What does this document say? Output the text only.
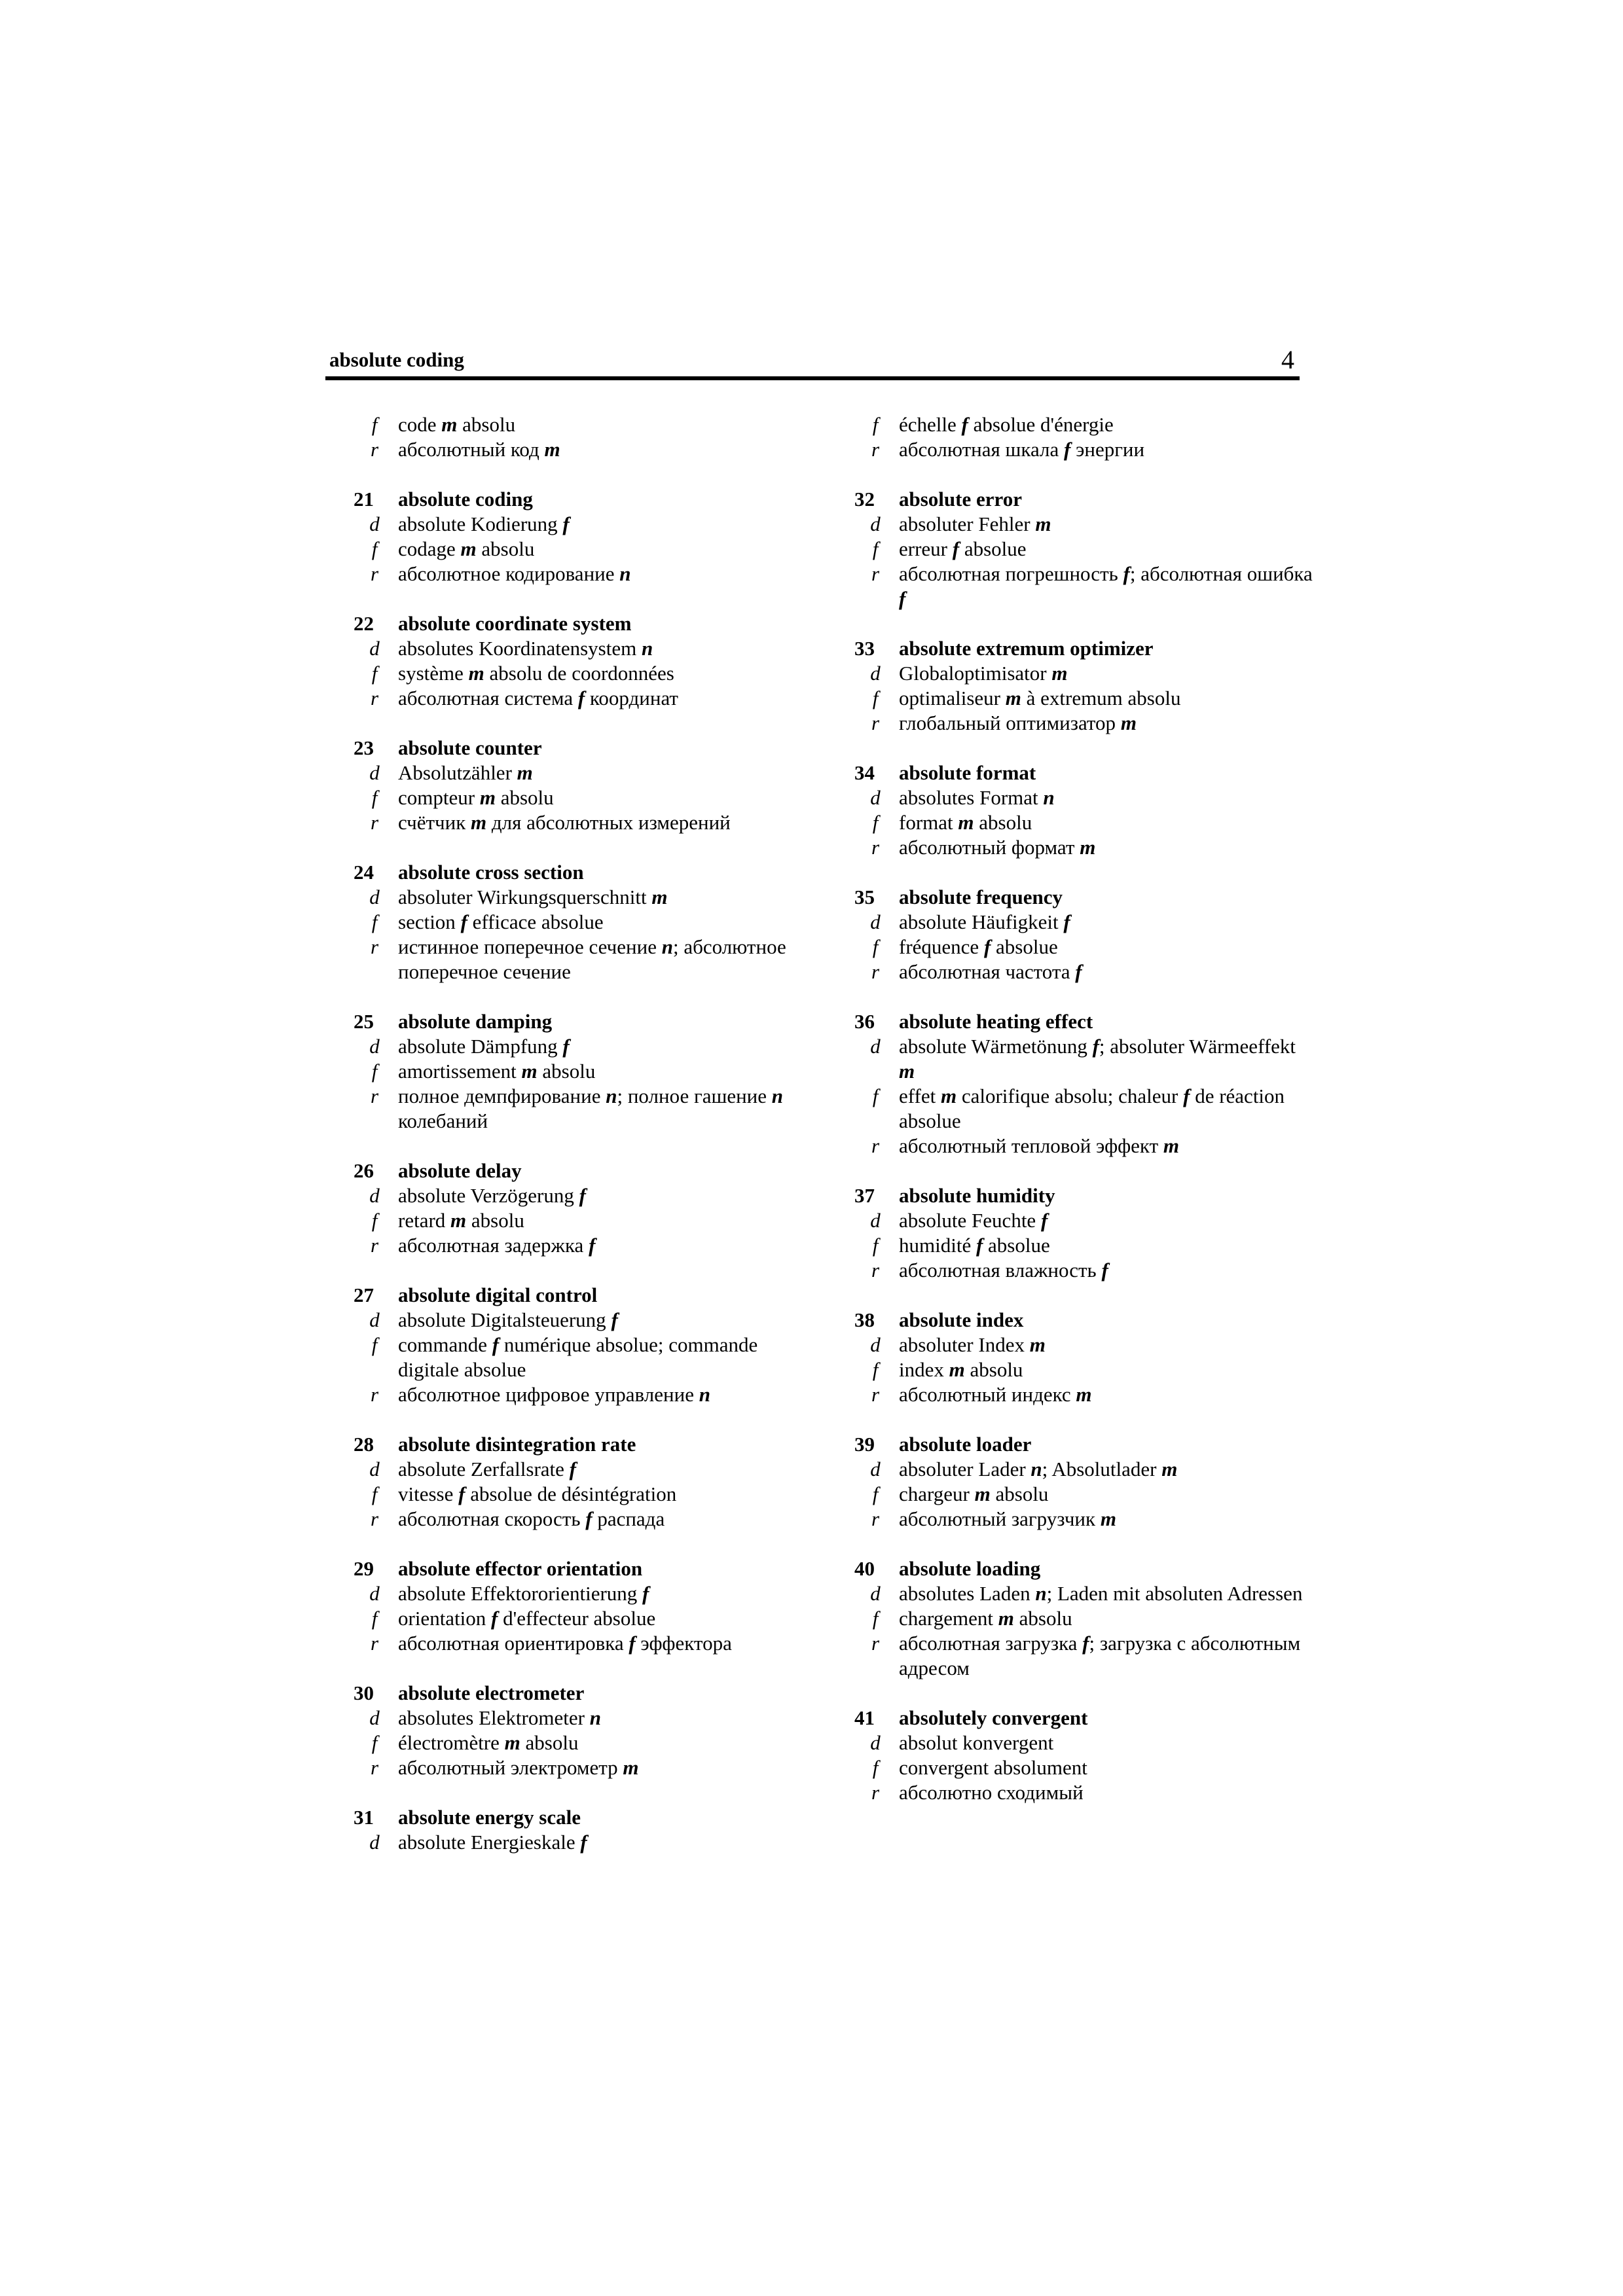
absolute coding	4
f	code m absolu
r абсолютный код m
21	absolute coding
d absolute Kodierung f
f	codage m absolu
r абсолютное кодирование n
22	absolute coordinate system
d absolutes Koordinatensystem n
f	système m absolu de coordonnées
r абсолютная система f координат
23	absolute counter
d Absolutzähler m
f	compteur m absolu
r счётчик m для абсолютных измерений
24	absolute cross section
d absoluter Wirkungsquerschnitt m
f	section f efficace absolue
r истинное поперечное сечение n; абсолютное поперечное сечение
25	absolute damping
d absolute Dämpfung f
f	amortissement m absolu
r полное демпфирование n; полное гашение n колебаний
26	absolute delay
d absolute Verzögerung f
f	retard m absolu
r абсолютная задержка f
27	absolute digital control
d absolute Digitalsteuerung f
f	commande f numérique absolue; commande digitale absolue
r абсолютное цифровое управление n
28	absolute disintegration rate
d absolute Zerfallsrate f
f	vitesse f absolue de désintégration
r абсолютная скорость f распада
29	absolute effector orientation
d absolute Effektororientierung f
f	orientation f d'effecteur absolue
r абсолютная ориентировка f эффектора
30	absolute electrometer
d absolutes Elektrometer n
f	électromètre m absolu
r абсолютный электрометр m
31	absolute energy scale
d absolute Energieskale f
f	échelle f absolue d'énergie
r абсолютная шкала f энергии
32	absolute error
d absoluter Fehler m
f	erreur f absolue
r абсолютная погрешность f; абсолютная ошибка f
33	absolute extremum optimizer
d Globaloptimisator m
f	optimaliseur m à extremum absolu
r глобальный оптимизатор m
34	absolute format
d absolutes Format n
f	format m absolu
r абсолютный формат m
35	absolute frequency
d absolute Häufigkeit f
f	fréquence f absolue
r абсолютная частота f
36	absolute heating effect
d absolute Wärmetönung f; absoluter Wärmeeffekt m
f	effet m calorifique absolu; chaleur f de réaction absolue
r абсолютный тепловой эффект m
37	absolute humidity
d absolute Feuchte f
f	humidité f absolue
r абсолютная влажность f
38	absolute index
d absoluter Index m
f	index m absolu
r абсолютный индекс m
39	absolute loader
d absoluter Lader n; Absolutlader m
f	chargeur m absolu
r абсолютный загрузчик m
40	absolute loading
d absolutes Laden n; Laden mit absoluten Adressen
f	chargement m absolu
r абсолютная загрузка f; загрузка с абсолютным адресом
41	absolutely convergent
d absolut konvergent
f	convergent absolument
r абсолютно сходимый
